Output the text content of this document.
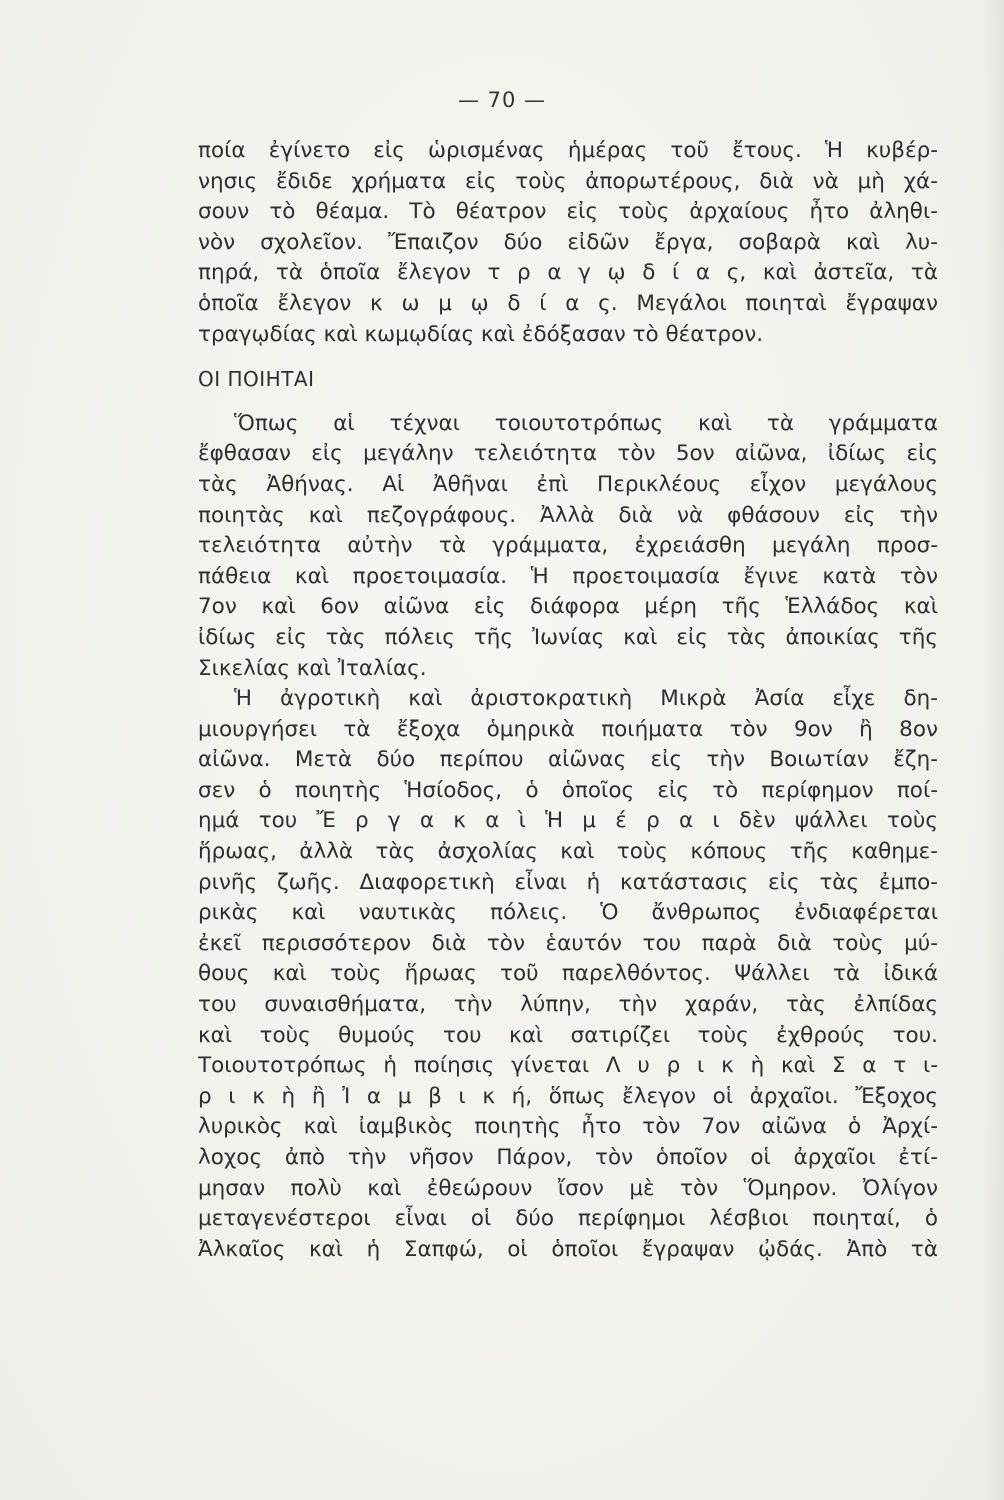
— 70 —
ποία ἐγίνετο εἰς ὡρισμένας ἡμέρας τοῦ ἔτους. Ἡ κυβέρ-
νησις ἔδιδε χρήματα εἰς τοὺς ἀπορωτέρους, διὰ νὰ μὴ χά-
σουν τὸ θέαμα. Τὸ θέατρον εἰς τοὺς ἀρχαίους ἦτο ἀληθι-
νὸν σχολεῖον. Ἔπαιζον δύο εἰδῶν ἔργα, σοβαρὰ καὶ λυ-
πηρά, τὰ ὁποῖα ἔλεγον τ ρ α γ ῳ δ ί α ς, καὶ ἀστεῖα, τὰ
ὁποῖα ἔλεγον κ ω μ ῳ δ ί α ς. Μεγάλοι ποιηταὶ ἔγραψαν
τραγῳδίας καὶ κωμῳδίας καὶ ἐδόξασαν τὸ θέατρον.
ΟΙ ΠΟΙΗΤΑΙ
Ὅπως αἱ τέχναι τοιουτοτρόπως καὶ τὰ γράμματα
ἔφθασαν εἰς μεγάλην τελειότητα τὸν 5ον αἰῶνα, ἰδίως εἰς
τὰς Ἀθήνας. Αἱ Ἀθῆναι ἐπὶ Περικλέους εἶχον μεγάλους
ποιητὰς καὶ πεζογράφους. Ἀλλὰ διὰ νὰ φθάσουν εἰς τὴν
τελειότητα αὐτὴν τὰ γράμματα, ἐχρειάσθη μεγάλη προσ-
πάθεια καὶ προετοιμασία. Ἡ προετοιμασία ἔγινε κατὰ τὸν
7ον καὶ 6ον αἰῶνα εἰς διάφορα μέρη τῆς Ἑλλάδος καὶ
ἰδίως εἰς τὰς πόλεις τῆς Ἰωνίας καὶ εἰς τὰς ἀποικίας τῆς
Σικελίας καὶ Ἰταλίας.
Ἡ ἀγροτικὴ καὶ ἀριστοκρατικὴ Μικρὰ Ἀσία εἶχε δη-
μιουργήσει τὰ ἔξοχα ὁμηρικὰ ποιήματα τὸν 9ον ἢ 8ον
αἰῶνα. Μετὰ δύο περίπου αἰῶνας εἰς τὴν Βοιωτίαν ἔζη-
σεν ὁ ποιητὴς Ἡσίοδος, ὁ ὁποῖος εἰς τὸ περίφημον ποί-
ημά του Ἔ ρ γ α κ α ὶ Ἡ μ έ ρ α ι δὲν ψάλλει τοὺς
ἥρωας, ἀλλὰ τὰς ἀσχολίας καὶ τοὺς κόπους τῆς καθημε-
ρινῆς ζωῆς. Διαφορετικὴ εἶναι ἡ κατάστασις εἰς τὰς ἐμπο-
ρικὰς καὶ ναυτικὰς πόλεις. Ὁ ἄνθρωπος ἐνδιαφέρεται
ἐκεῖ περισσότερον διὰ τὸν ἑαυτόν του παρὰ διὰ τοὺς μύ-
θους καὶ τοὺς ἥρωας τοῦ παρελθόντος. Ψάλλει τὰ ἰδικά
του συναισθήματα, τὴν λύπην, τὴν χαράν, τὰς ἐλπίδας
καὶ τοὺς θυμούς του καὶ σατιρίζει τοὺς ἐχθρούς του.
Τοιουτοτρόπως ἡ ποίησις γίνεται Λ υ ρ ι κ ὴ καὶ Σ α τ ι-
ρ ι κ ὴ ἢ Ἰ α μ β ι κ ή, ὅπως ἔλεγον οἱ ἀρχαῖοι. Ἔξοχος
λυρικὸς καὶ ἰαμβικὸς ποιητὴς ἦτο τὸν 7ον αἰῶνα ὁ Ἀρχί-
λοχος ἀπὸ τὴν νῆσον Πάρον, τὸν ὁποῖον οἱ ἀρχαῖοι ἐτί-
μησαν πολὺ καὶ ἐθεώρουν ἴσον μὲ τὸν Ὅμηρον. Ὀλίγον
μεταγενέστεροι εἶναι οἱ δύο περίφημοι λέσβιοι ποιηταί, ὁ
Ἀλκαῖος καὶ ἡ Σαπφώ, οἱ ὁποῖοι ἔγραψαν ᾠδάς. Ἀπὸ τὰ
